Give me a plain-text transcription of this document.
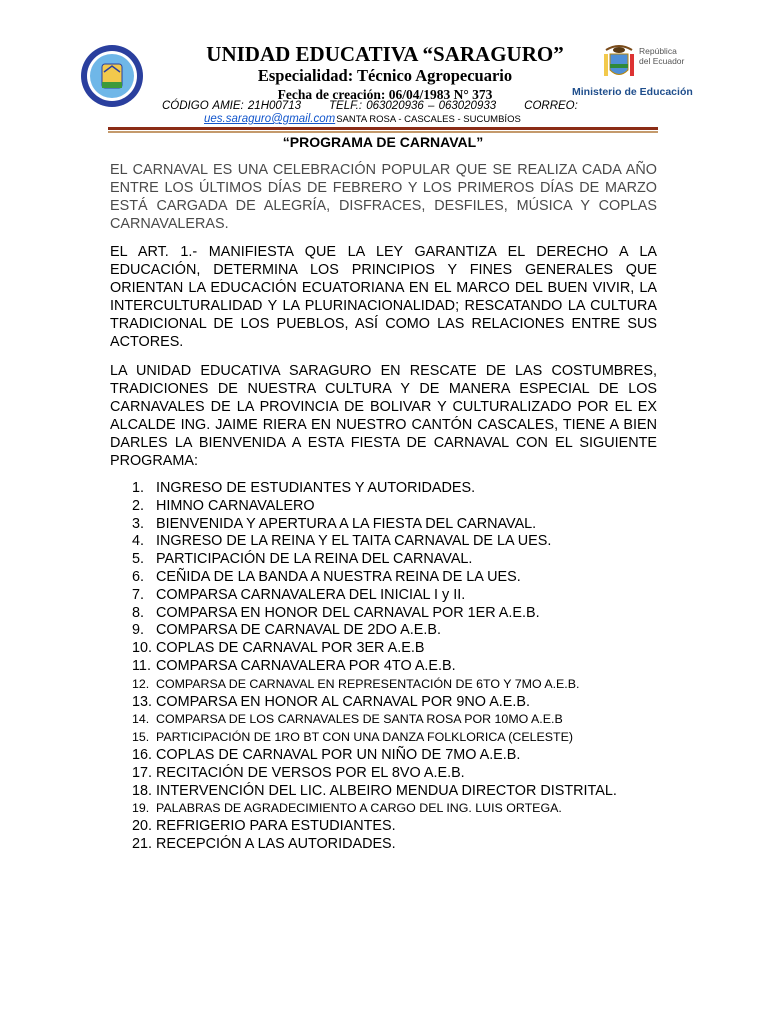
UNIDAD EDUCATIVA “SARAGURO”
Especialidad: Técnico Agropecuario
Fecha de creación: 06/04/1983 N° 373
República
del Ecuador
Ministerio de Educación
CÓDIGO AMIE: 21H00713 TELF.: 063020936 – 063020933 CORREO:
ues.saraguro@gmail.comSANTA ROSA - CASCALES - SUCUMBÍOS
“PROGRAMA DE CARNAVAL”
EL CARNAVAL ES UNA CELEBRACIÓN POPULAR QUE SE REALIZA CADA AÑO ENTRE LOS ÚLTIMOS DÍAS DE FEBRERO Y LOS PRIMEROS DÍAS DE MARZO ESTÁ CARGADA DE ALEGRÍA, DISFRACES, DESFILES, MÚSICA Y COPLAS CARNAVALERAS.
EL ART. 1.- MANIFIESTA QUE LA LEY GARANTIZA EL DERECHO A LA EDUCACIÓN, DETERMINA LOS PRINCIPIOS Y FINES GENERALES QUE ORIENTAN LA EDUCACIÓN ECUATORIANA EN EL MARCO DEL BUEN VIVIR, LA INTERCULTURALIDAD Y LA PLURINACIONALIDAD; RESCATANDO LA CULTURA TRADICIONAL DE LOS PUEBLOS, ASÍ COMO LAS RELACIONES ENTRE SUS ACTORES.
LA UNIDAD EDUCATIVA SARAGURO EN RESCATE DE LAS COSTUMBRES, TRADICIONES DE NUESTRA CULTURA Y DE MANERA ESPECIAL DE LOS CARNAVALES DE LA PROVINCIA DE BOLIVAR Y CULTURALIZADO POR EL EX ALCALDE ING. JAIME RIERA EN NUESTRO CANTÓN CASCALES, TIENE A BIEN DARLES LA BIENVENIDA A ESTA FIESTA DE CARNAVAL CON EL SIGUIENTE PROGRAMA:
1. INGRESO DE ESTUDIANTES Y AUTORIDADES.
2. HIMNO CARNAVALERO
3. BIENVENIDA Y APERTURA A LA FIESTA DEL CARNAVAL.
4. INGRESO DE LA REINA Y EL TAITA CARNAVAL DE LA UES.
5. PARTICIPACIÓN DE LA REINA DEL CARNAVAL.
6. CEÑIDA DE LA BANDA A NUESTRA REINA DE LA UES.
7. COMPARSA CARNAVALERA DEL INICIAL I y II.
8. COMPARSA EN HONOR DEL CARNAVAL POR 1ER A.E.B.
9. COMPARSA DE CARNAVAL DE 2DO A.E.B.
10. COPLAS DE CARNAVAL POR 3ER A.E.B
11. COMPARSA CARNAVALERA POR 4TO A.E.B.
12. COMPARSA DE CARNAVAL EN REPRESENTACIÓN DE 6TO Y 7MO A.E.B.
13. COMPARSA EN HONOR AL CARNAVAL POR 9NO A.E.B.
14. COMPARSA DE LOS CARNAVALES DE SANTA ROSA POR 10MO A.E.B
15. PARTICIPACIÓN DE 1RO BT CON UNA DANZA FOLKLORICA (CELESTE)
16. COPLAS DE CARNAVAL POR UN NIÑO DE 7MO A.E.B.
17. RECITACIÓN DE VERSOS POR EL 8VO A.E.B.
18. INTERVENCIÓN DEL LIC. ALBEIRO MENDUA DIRECTOR DISTRITAL.
19. PALABRAS DE AGRADECIMIENTO A CARGO DEL ING. LUIS ORTEGA.
20. REFRIGERIO PARA ESTUDIANTES.
21. RECEPCIÓN A LAS AUTORIDADES.
